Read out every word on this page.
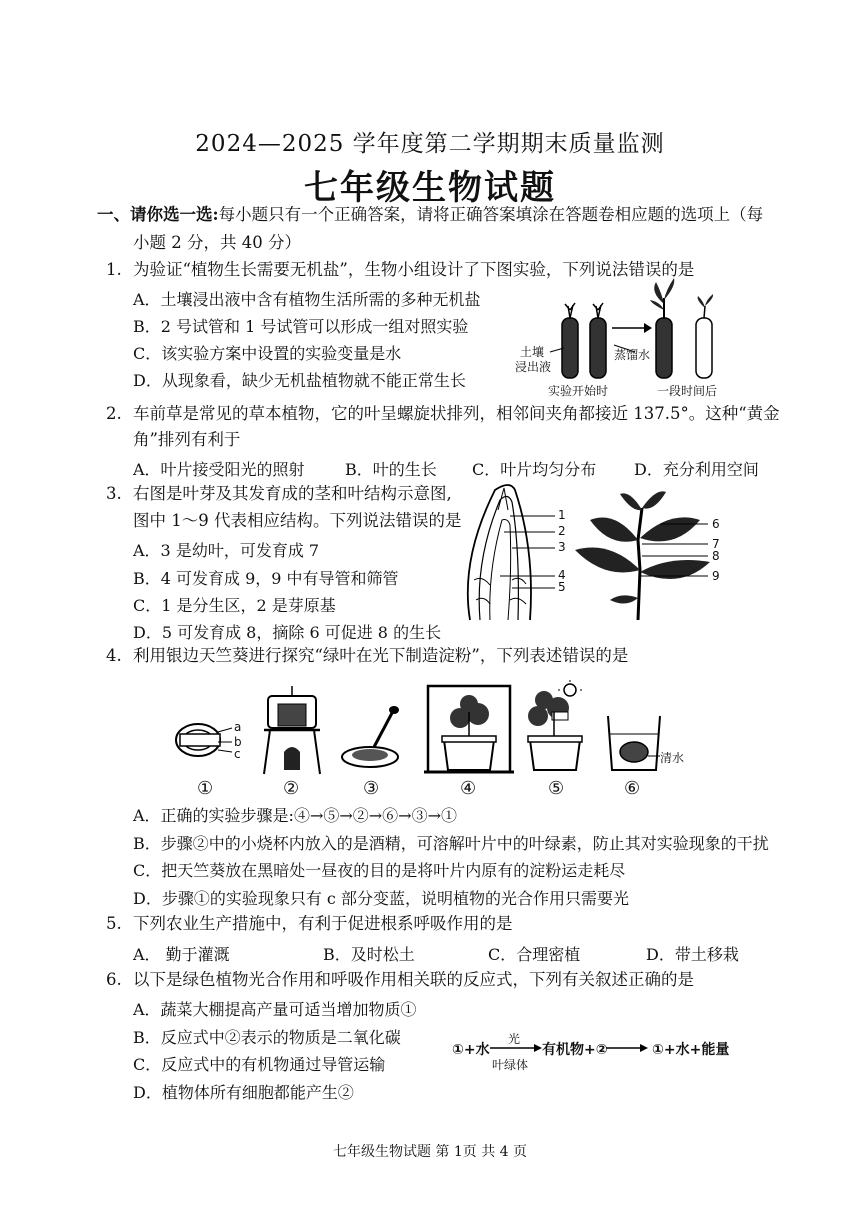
2024—2025 学年度第二学期期末质量监测
七年级生物试题
一、请你选一选:每小题只有一个正确答案，请将正确答案填涂在答题卷相应题的选项上（每
小题 2 分，共 40 分）
1. 为验证“植物生长需要无机盐”，生物小组设计了下图实验，下列说法错误的是
A．土壤浸出液中含有植物生活所需的多种无机盐
B．2 号试管和 1 号试管可以形成一组对照实验
C．该实验方案中设置的实验变量是水
D．从现象看，缺少无机盐植物就不能正常生长
土壤
浸出液
蒸馏水
实验开始时	一段时间后
2. 车前草是常见的草本植物，它的叶呈螺旋状排列，相邻间夹角都接近 137.5°。这种“黄金
角”排列有利于
A．叶片接受阳光的照射	B．叶的生长 C．叶片均匀分布 D．充分利用空间
3. 右图是叶芽及其发育成的茎和叶结构示意图,
图中 1～9 代表相应结构。下列说法错误的是
A．3 是幼叶，可发育成 7
B．4 可发育成 9，9 中有导管和筛管
C．1 是分生区，2 是芽原基
D．5 可发育成 8，摘除 6 可促进 8 的生长
1
2
3
4
5
6
7
8
9
4. 利用银边天竺葵进行探究“绿叶在光下制造淀粉”，下列表述错误的是
a
b
c	清水
①	②	③	④	⑤	⑥
A．正确的实验步骤是:④→⑤→②→⑥→③→①
B．步骤②中的小烧杯内放入的是酒精，可溶解叶片中的叶绿素，防止其对实验现象的干扰
C．把天竺葵放在黑暗处一昼夜的目的是将叶片内原有的淀粉运走耗尽
D．步骤①的实验现象只有 c 部分变蓝，说明植物的光合作用只需要光
5. 下列农业生产措施中，有利于促进根系呼吸作用的是
A． 勤于灌溉	B．及时松土	C．合理密植	D．带土移栽
6. 以下是绿色植物光合作用和呼吸作用相关联的反应式，下列有关叙述正确的是
A．蔬菜大棚提高产量可适当增加物质①
B．反应式中②表示的物质是二氧化碳
C．反应式中的有机物通过导管运输
D．植物体所有细胞都能产生②
①+水
光
叶绿体
有机物+②	①+水+能量
七年级生物试题 第 1页 共 4 页
